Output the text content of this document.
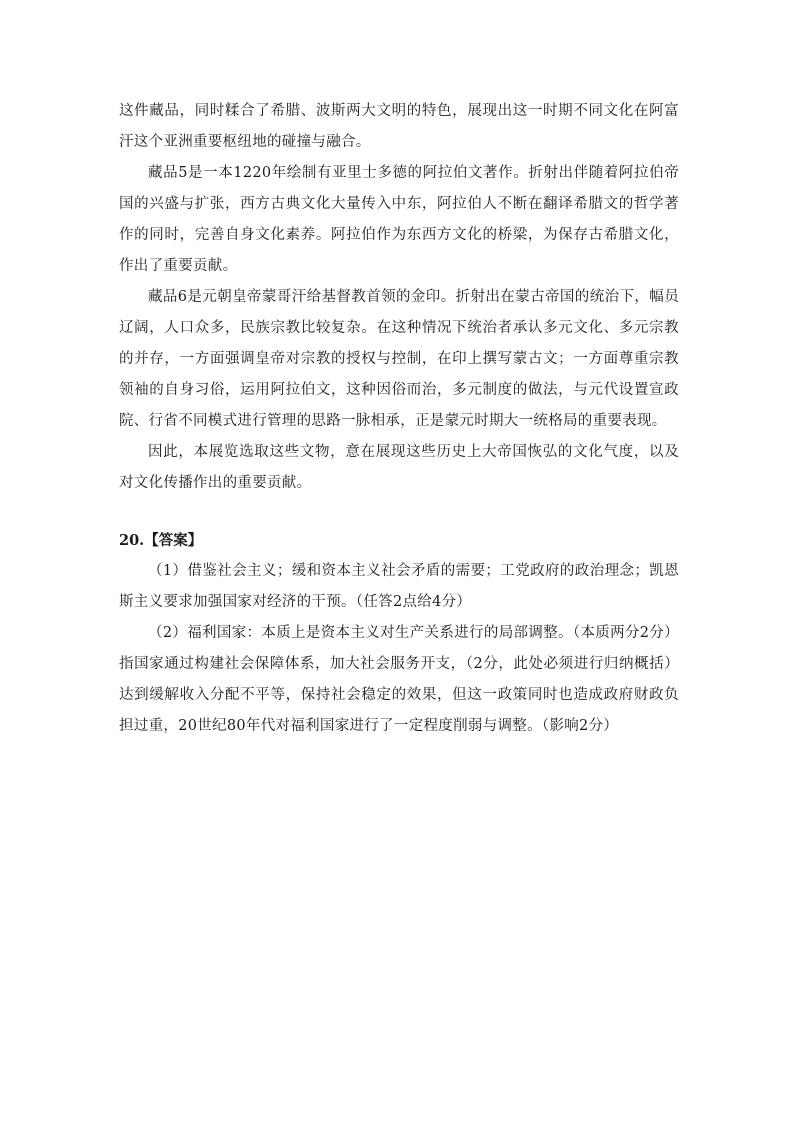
这件藏品，同时糅合了希腊、波斯两大文明的特色，展现出这一时期不同文化在阿富汗这个亚洲重要枢纽地的碰撞与融合。

藏品5是一本1220年绘制有亚里士多德的阿拉伯文著作。折射出伴随着阿拉伯帝国的兴盛与扩张，西方古典文化大量传入中东，阿拉伯人不断在翻译希腊文的哲学著作的同时，完善自身文化素养。阿拉伯作为东西方文化的桥梁，为保存古希腊文化，作出了重要贡献。

藏品6是元朝皇帝蒙哥汗给基督教首领的金印。折射出在蒙古帝国的统治下，幅员辽阔，人口众多，民族宗教比较复杂。在这种情况下统治者承认多元文化、多元宗教的并存，一方面强调皇帝对宗教的授权与控制，在印上撰写蒙古文；一方面尊重宗教领袖的自身习俗，运用阿拉伯文，这种因俗而治，多元制度的做法，与元代设置宣政院、行省不同模式进行管理的思路一脉相承，正是蒙元时期大一统格局的重要表现。

因此，本展览选取这些文物，意在展现这些历史上大帝国恢弘的文化气度，以及对文化传播作出的重要贡献。

20.【答案】

（1）借鉴社会主义；缓和资本主义社会矛盾的需要；工党政府的政治理念；凯恩斯主义要求加强国家对经济的干预。（任答2点给4分）

（2）福利国家：本质上是资本主义对生产关系进行的局部调整。（本质两分2分）指国家通过构建社会保障体系，加大社会服务开支，（2分，此处必须进行归纳概括）达到缓解收入分配不平等，保持社会稳定的效果，但这一政策同时也造成政府财政负担过重，20世纪80年代对福利国家进行了一定程度削弱与调整。（影响2分）
